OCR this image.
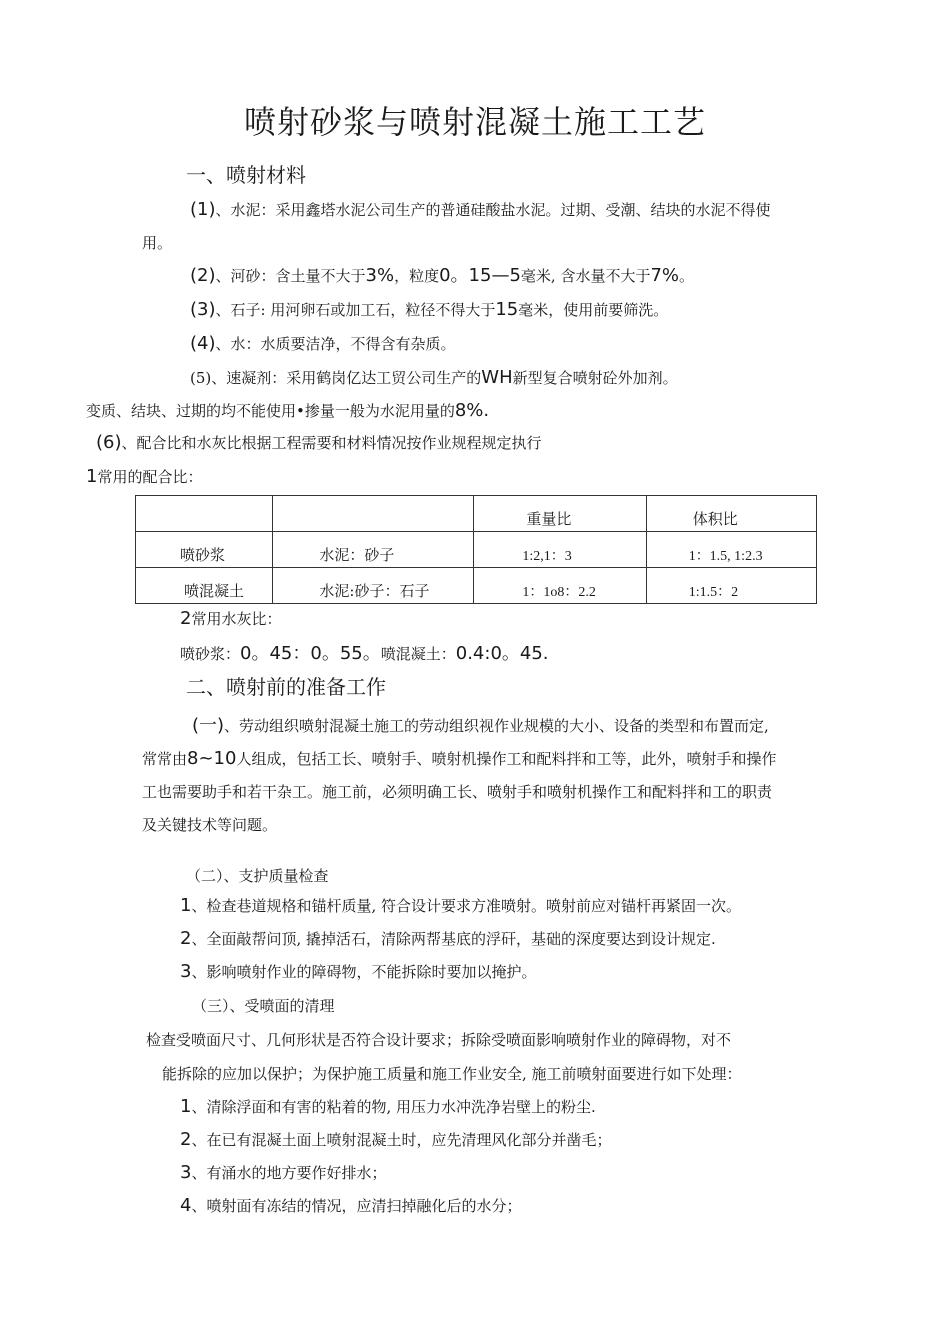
喷射砂浆与喷射混凝土施工工艺
一、喷射材料
(1)、水泥：采用鑫塔水泥公司生产的普通硅酸盐水泥。过期、受潮、结块的水泥不得使
用。
(2)、河砂：含土量不大于3%，粒度0。15—5毫米, 含水量不大于7%。
(3)、石子: 用河卵石或加工石，粒径不得大于15毫米，使用前要筛洗。
(4)、水：水质要洁净，不得含有杂质。
(5)、速凝剂：采用鹤岗亿达工贸公司生产的WH新型复合喷射砼外加剂。
变质、结块、过期的均不能使用•掺量一般为水泥用量的8%.
(6)、配合比和水灰比根据工程需要和材料情况按作业规程规定执行
1常用的配合比：

		重量比	体积比

喷砂浆	水泥：砂子	1:2,1：3	1：1.5, 1:2.3

喷混凝土	水泥:砂子：石子	1：1o8：2.2	1:1.5：2
2常用水灰比：
喷砂浆：0。45：0。55。喷混凝土：0.4:0。45.
二、喷射前的准备工作
(一)、劳动组织喷射混凝土施工的劳动组织视作业规模的大小、设备的类型和布置而定,
常常由8~10人组成，包括工长、喷射手、喷射机操作工和配料拌和工等，此外，喷射手和操作
工也需要助手和若干杂工。施工前，必须明确工长、喷射手和喷射机操作工和配料拌和工的职责
及关键技术等问题。
（二）、支护质量检查
1、检查巷道规格和锚杆质量, 符合设计要求方准喷射。喷射前应对锚杆再紧固一次。
2、全面敲帮问顶, 撬掉活石，清除两帮基底的浮矸，基础的深度要达到设计规定.
3、影响喷射作业的障碍物，不能拆除时要加以掩护。
（三）、受喷面的清理
检查受喷面尺寸、几何形状是否符合设计要求；拆除受喷面影响喷射作业的障碍物，对不
能拆除的应加以保护；为保护施工质量和施工作业安全, 施工前喷射面要进行如下处理：
1、清除浮面和有害的粘着的物, 用压力水冲洗净岩壁上的粉尘.
2、在已有混凝土面上喷射混凝土时，应先清理风化部分并凿毛；
3、有涌水的地方要作好排水；
4、喷射面有冻结的情况，应清扫掉融化后的水分；
